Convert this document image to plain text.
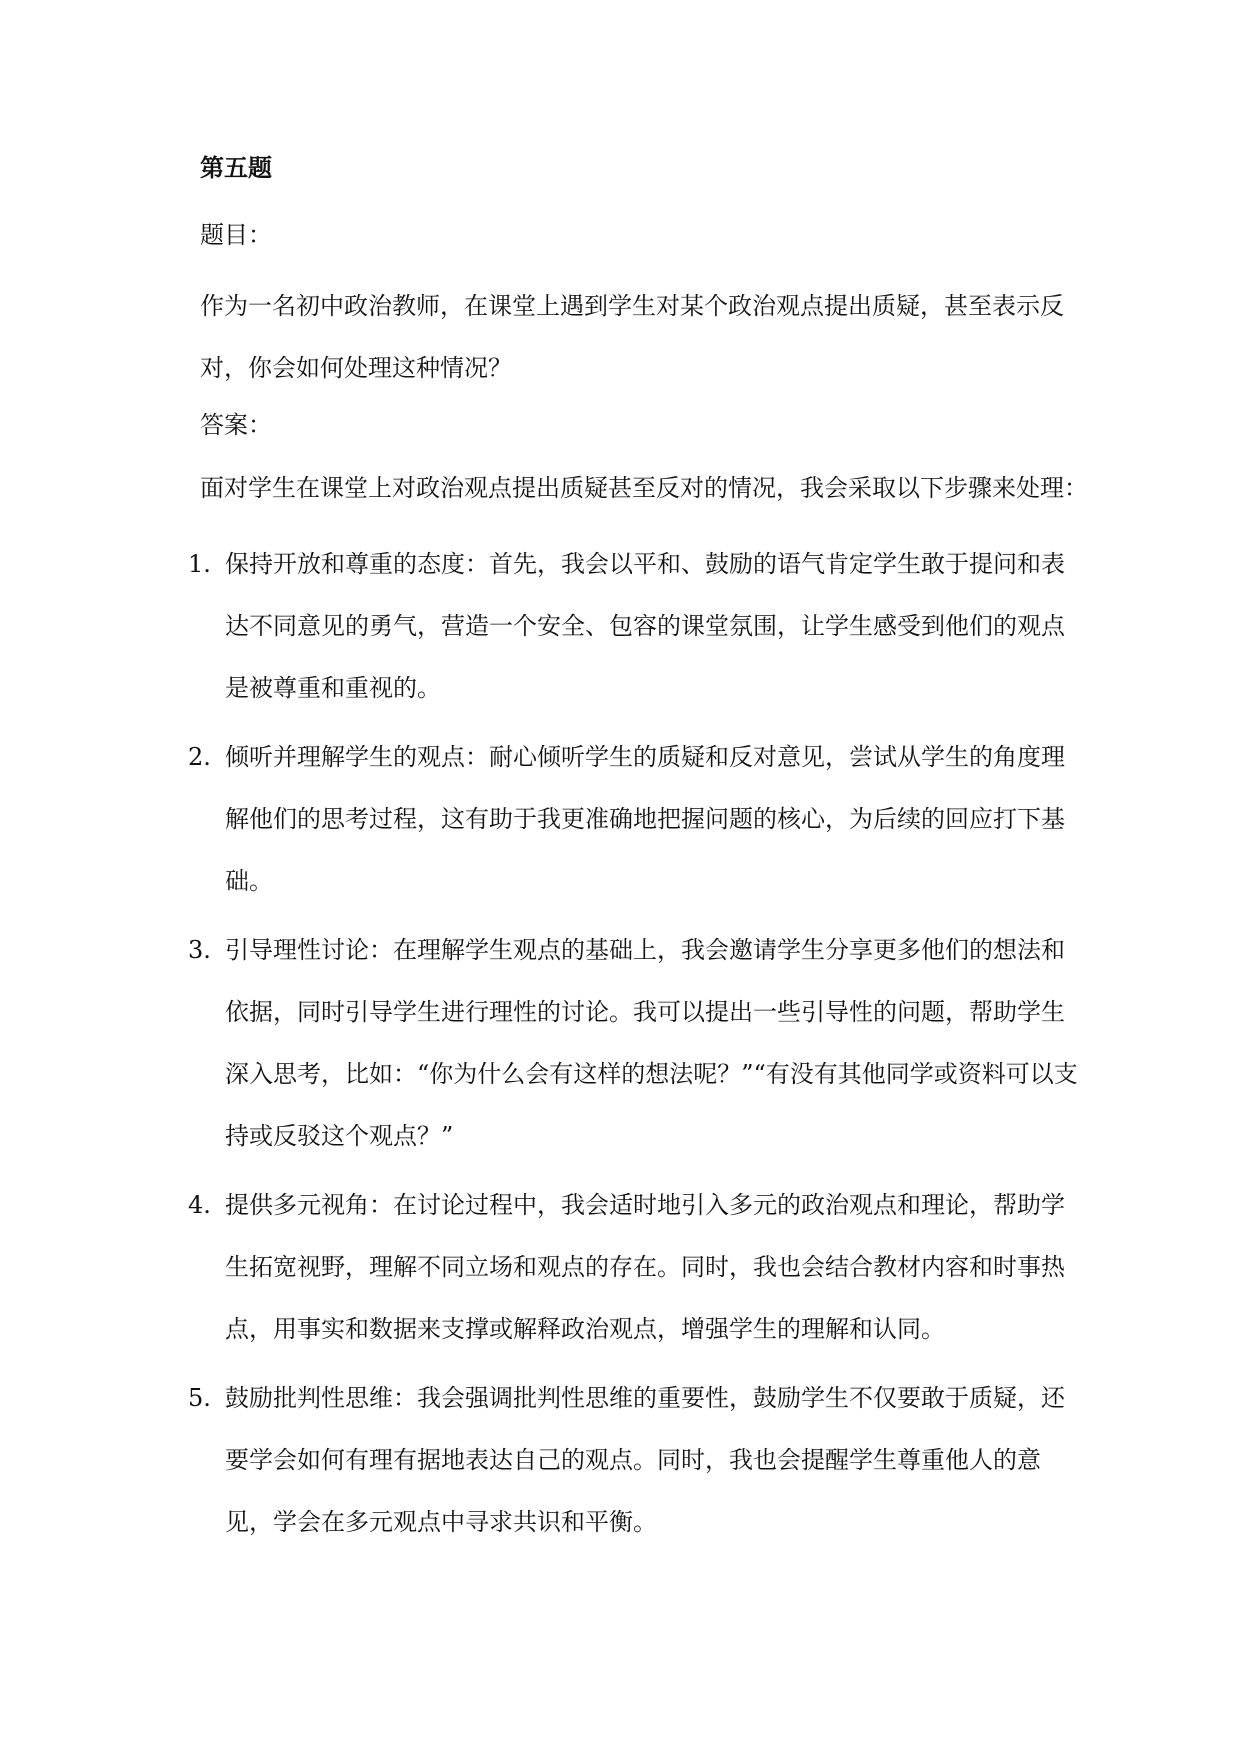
第五题
题目：
作为一名初中政治教师，在课堂上遇到学生对某个政治观点提出质疑，甚至表示反对，你会如何处理这种情况？
答案：
面对学生在课堂上对政治观点提出质疑甚至反对的情况，我会采取以下步骤来处理：
1. 保持开放和尊重的态度：首先，我会以平和、鼓励的语气肯定学生敢于提问和表达不同意见的勇气，营造一个安全、包容的课堂氛围，让学生感受到他们的观点是被尊重和重视的。
2. 倾听并理解学生的观点：耐心倾听学生的质疑和反对意见，尝试从学生的角度理解他们的思考过程，这有助于我更准确地把握问题的核心，为后续的回应打下基础。
3. 引导理性讨论：在理解学生观点的基础上，我会邀请学生分享更多他们的想法和依据，同时引导学生进行理性的讨论。我可以提出一些引导性的问题，帮助学生深入思考，比如：“你为什么会有这样的想法呢？”“有没有其他同学或资料可以支持或反驳这个观点？”
4. 提供多元视角：在讨论过程中，我会适时地引入多元的政治观点和理论，帮助学生拓宽视野，理解不同立场和观点的存在。同时，我也会结合教材内容和时事热点，用事实和数据来支撑或解释政治观点，增强学生的理解和认同。
5. 鼓励批判性思维：我会强调批判性思维的重要性，鼓励学生不仅要敢于质疑，还要学会如何有理有据地表达自己的观点。同时，我也会提醒学生尊重他人的意见，学会在多元观点中寻求共识和平衡。
